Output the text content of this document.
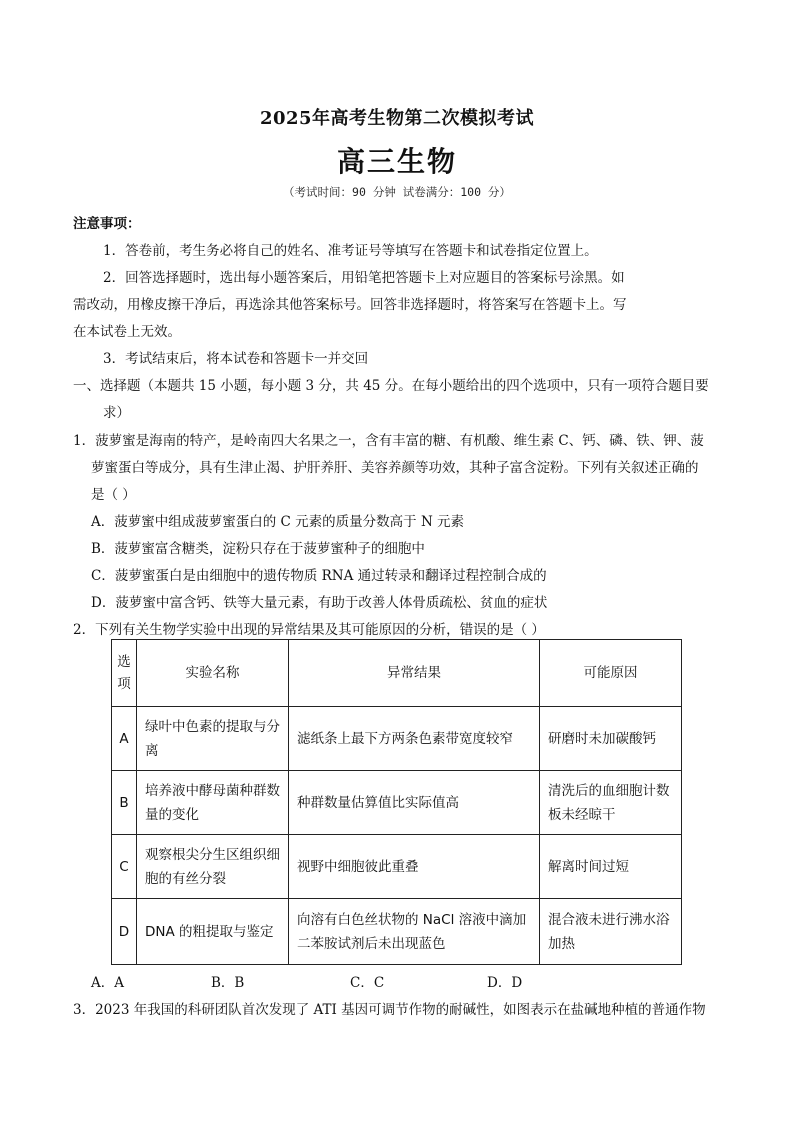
2025年高考生物第二次模拟考试
高三生物
（考试时间：90 分钟 试卷满分：100 分）
注意事项：
1．答卷前，考生务必将自己的姓名、准考证号等填写在答题卡和试卷指定位置上。
2．回答选择题时，选出每小题答案后，用铅笔把答题卡上对应题目的答案标号涂黑。如
需改动，用橡皮擦干净后，再选涂其他答案标号。回答非选择题时，将答案写在答题卡上。写
在本试卷上无效。
3．考试结束后，将本试卷和答题卡一并交回
一、选择题（本题共 15 小题，每小题 3 分，共 45 分。在每小题给出的四个选项中，只有一项符合题目要
求）
1．菠萝蜜是海南的特产，是岭南四大名果之一，含有丰富的糖、有机酸、维生素 C、钙、磷、铁、钾、菠
萝蜜蛋白等成分，具有生津止渴、护肝养肝、美容养颜等功效，其种子富含淀粉。下列有关叙述正确的
是（ ）
A．菠萝蜜中组成菠萝蜜蛋白的 C 元素的质量分数高于 N 元素
B．菠萝蜜富含糖类，淀粉只存在于菠萝蜜种子的细胞中
C．菠萝蜜蛋白是由细胞中的遗传物质 RNA 通过转录和翻译过程控制合成的
D．菠萝蜜中富含钙、铁等大量元素，有助于改善人体骨质疏松、贫血的症状
2．下列有关生物学实验中出现的异常结果及其可能原因的分析，错误的是（ ）
选项	实验名称	异常结果	可能原因
A	绿叶中色素的提取与分离	滤纸条上最下方两条色素带宽度较窄	研磨时未加碳酸钙
B	培养液中酵母菌种群数量的变化	种群数量估算值比实际值高	清洗后的血细胞计数板未经晾干
C	观察根尖分生区组织细胞的有丝分裂	视野中细胞彼此重叠	解离时间过短
D	DNA 的粗提取与鉴定	向溶有白色丝状物的 NaCl 溶液中滴加二苯胺试剂后未出现蓝色	混合液未进行沸水浴加热
A．A	B．B	C．C	D．D
3．2023 年我国的科研团队首次发现了 ATI 基因可调节作物的耐碱性，如图表示在盐碱地种植的普通作物
